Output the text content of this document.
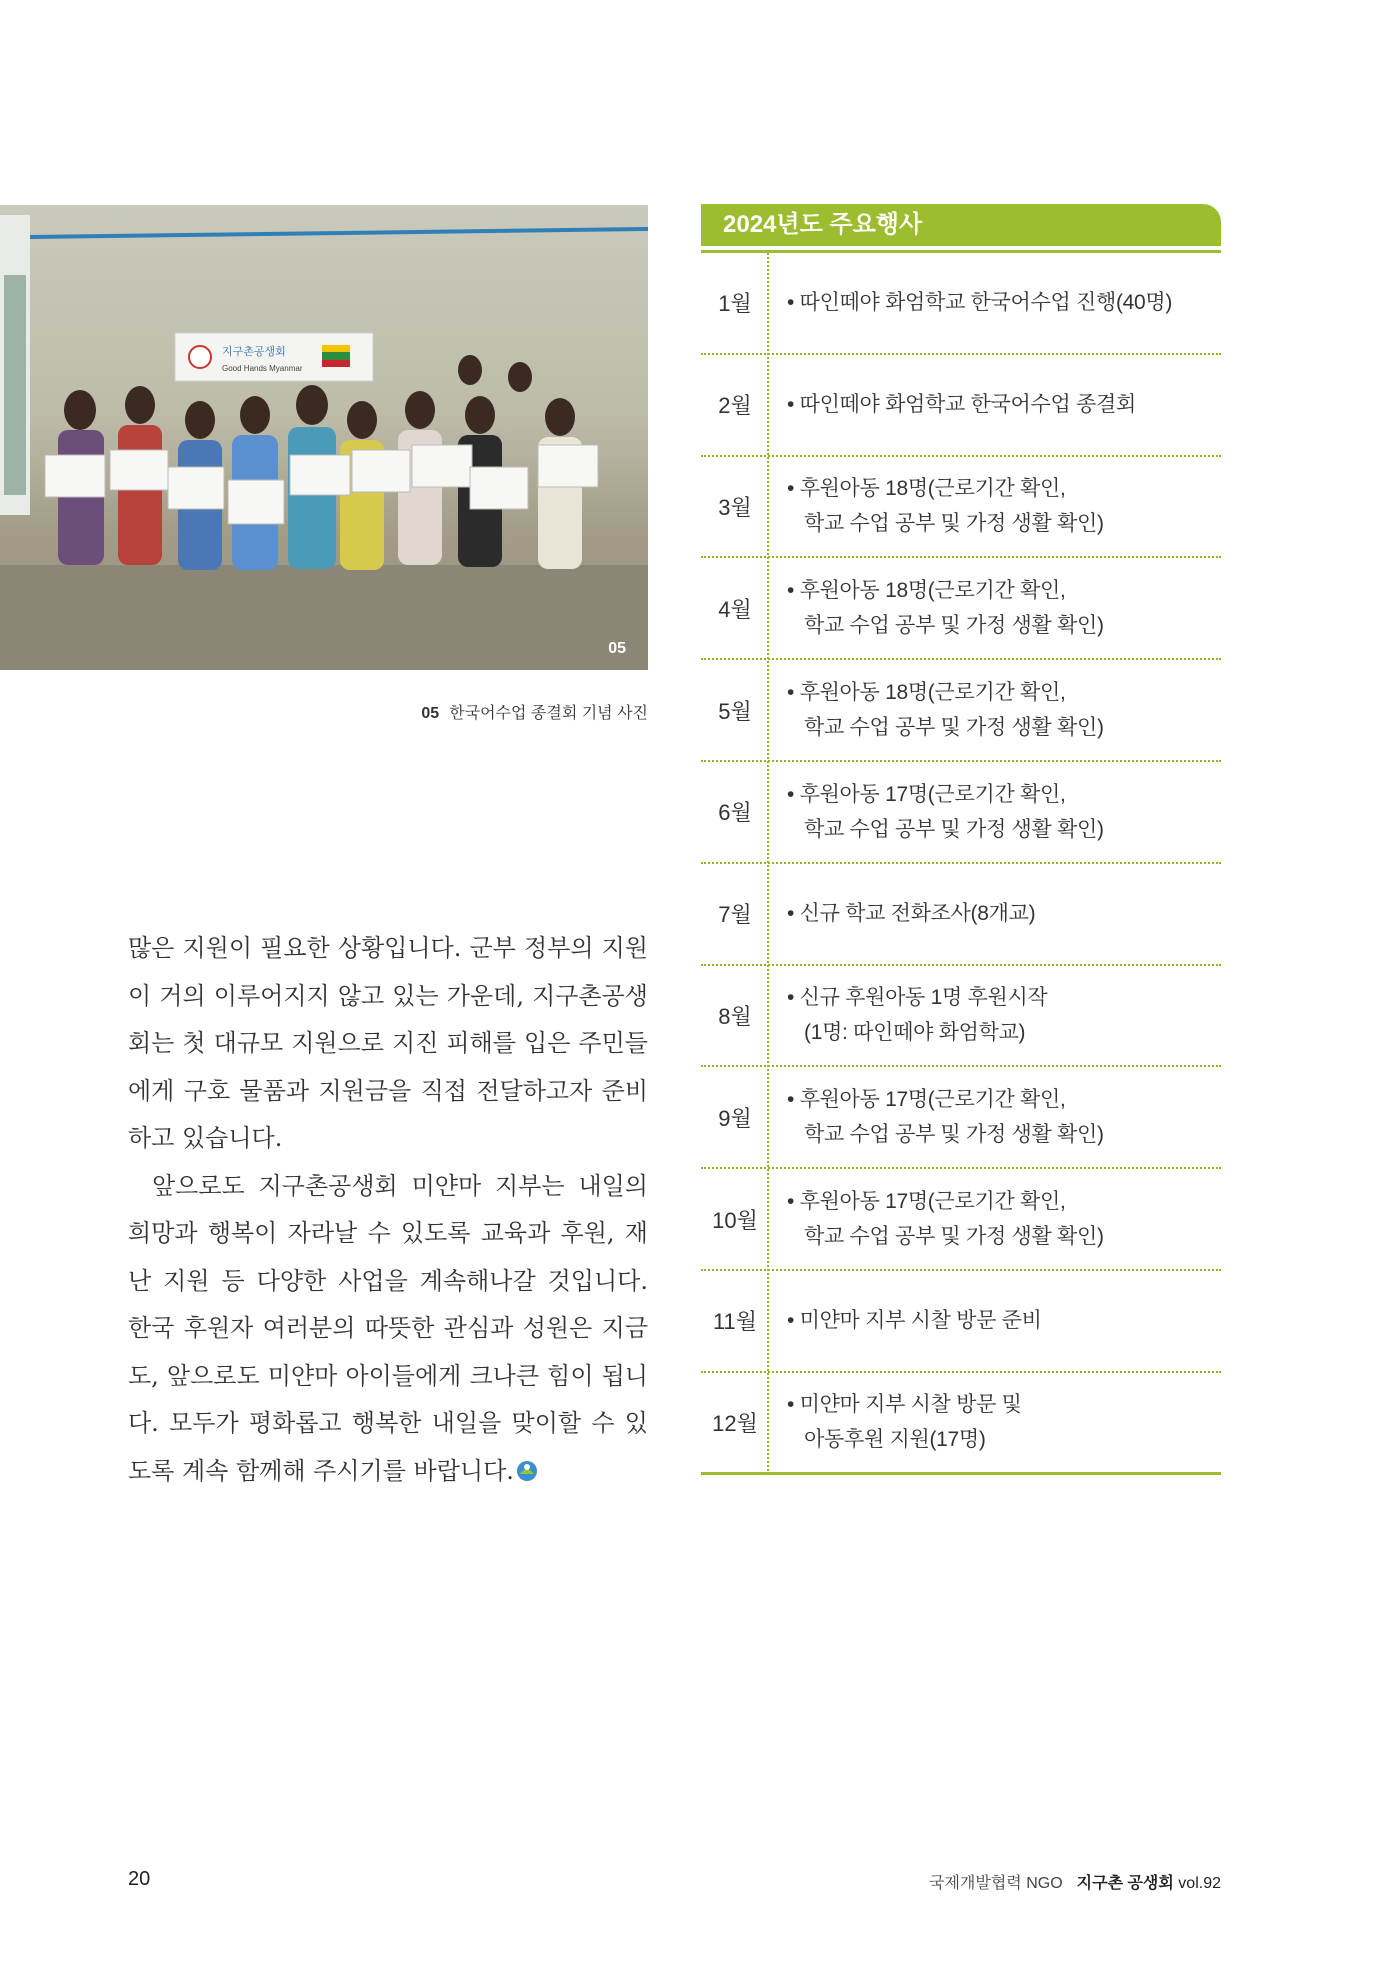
지구촌공생회
Good Hands Myanmar
05
05 한국어수업 종결회 기념 사진

많은 지원이 필요한 상황입니다. 군부 정부의 지원이 거의 이루어지지 않고 있는 가운데, 지구촌공생회는 첫 대규모 지원으로 지진 피해를 입은 주민들에게 구호 물품과 지원금을 직접 전달하고자 준비하고 있습니다.

앞으로도 지구촌공생회 미얀마 지부는 내일의 희망과 행복이 자라날 수 있도록 교육과 후원, 재난 지원 등 다양한 사업을 계속해나갈 것입니다. 한국 후원자 여러분의 따뜻한 관심과 성원은 지금도, 앞으로도 미얀마 아이들에게 크나큰 힘이 됩니다. 모두가 평화롭고 행복한 내일을 맞이할 수 있도록 계속 함께해 주시기를 바랍니다.

2024년도 주요행사
1월	• 따인떼야 화엄학교 한국어수업 진행(40명)
2월	• 따인떼야 화엄학교 한국어수업 종결회
3월
• 후원아동 18명(근로기간 확인,
학교 수업 공부 및 가정 생활 확인)
4월
• 후원아동 18명(근로기간 확인,
학교 수업 공부 및 가정 생활 확인)
5월
• 후원아동 18명(근로기간 확인,
학교 수업 공부 및 가정 생활 확인)
6월
• 후원아동 17명(근로기간 확인,
학교 수업 공부 및 가정 생활 확인)
7월	• 신규 학교 전화조사(8개교)
8월
• 신규 후원아동 1명 후원시작
(1명: 따인떼야 화엄학교)
9월
• 후원아동 17명(근로기간 확인,
학교 수업 공부 및 가정 생활 확인)
10월
• 후원아동 17명(근로기간 확인,
학교 수업 공부 및 가정 생활 확인)
11월	• 미얀마 지부 시찰 방문 준비
12월
• 미얀마 지부 시찰 방문 및
아동후원 지원(17명)
20	국제개발협력 NGO 지구촌 공생회 vol.92
